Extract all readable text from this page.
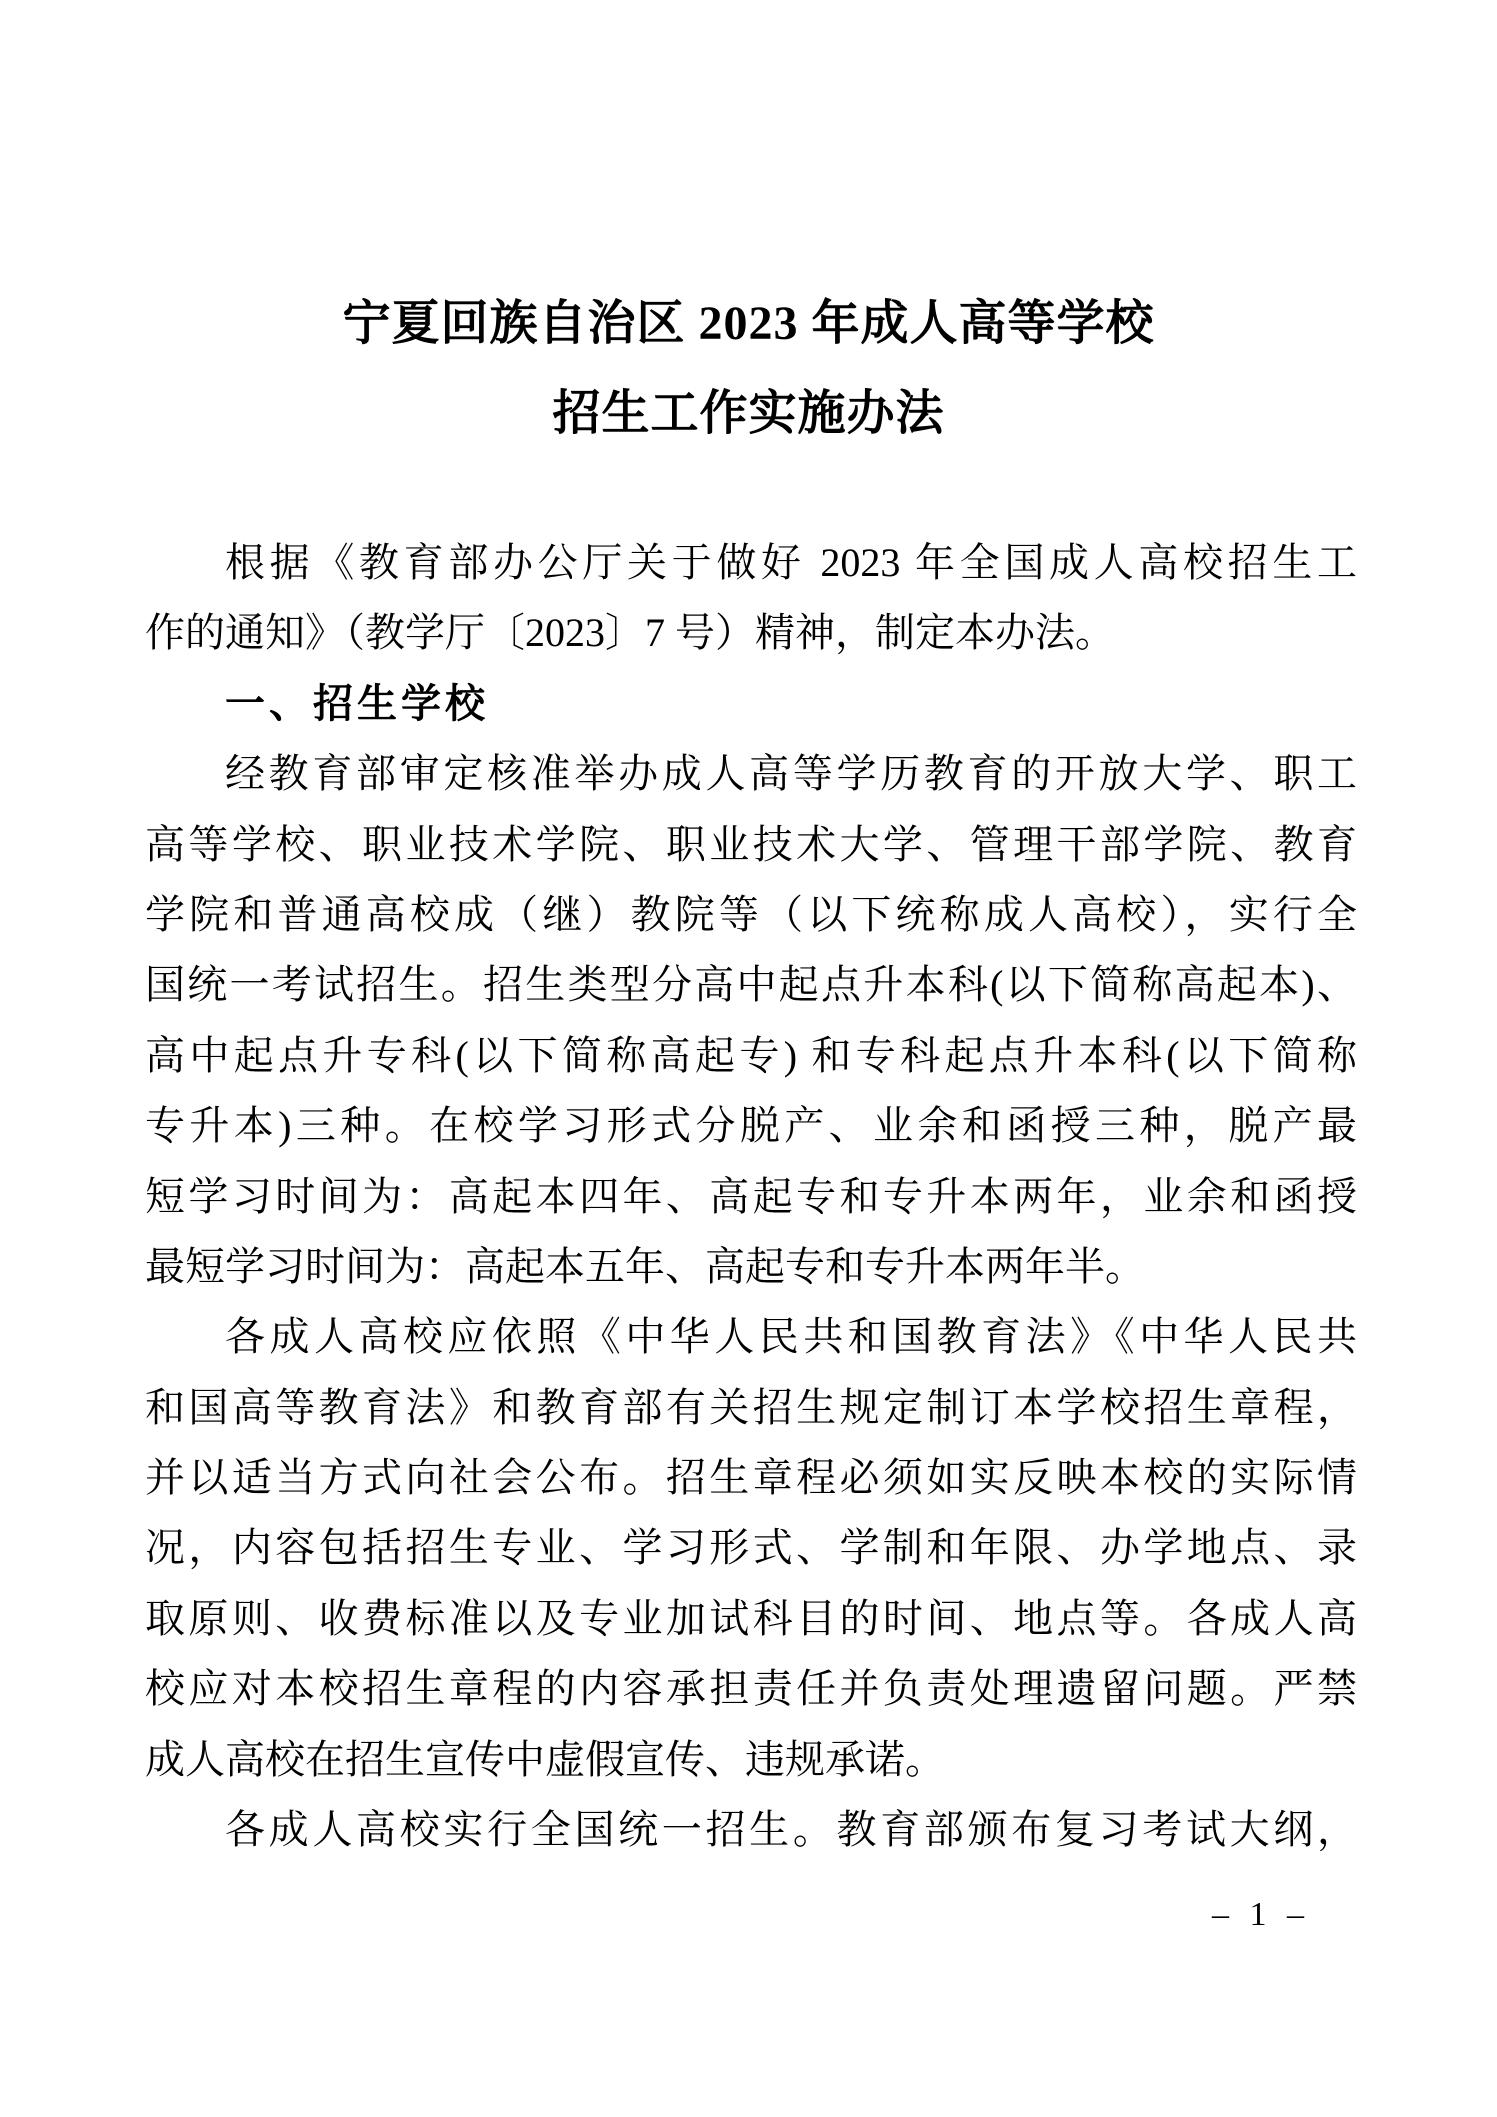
宁夏回族自治区 2023 年成人高等学校
招生工作实施办法
根据《教育部办公厅关于做好 2023 年全国成人高校招生工
作的通知》（教学厅〔2023〕7 号）精神，制定本办法。
一、招生学校
经教育部审定核准举办成人高等学历教育的开放大学、职工
高等学校、职业技术学院、职业技术大学、管理干部学院、教育
学院和普通高校成（继）教院等（以下统称成人高校），实行全
国统一考试招生。招生类型分高中起点升本科(以下简称高起本)、
高中起点升专科(以下简称高起专) 和专科起点升本科(以下简称
专升本)三种。在校学习形式分脱产、业余和函授三种，脱产最
短学习时间为：高起本四年、高起专和专升本两年，业余和函授
最短学习时间为：高起本五年、高起专和专升本两年半。
各成人高校应依照《中华人民共和国教育法》《中华人民共
和国高等教育法》和教育部有关招生规定制订本学校招生章程，
并以适当方式向社会公布。招生章程必须如实反映本校的实际情
况，内容包括招生专业、学习形式、学制和年限、办学地点、录
取原则、收费标准以及专业加试科目的时间、地点等。各成人高
校应对本校招生章程的内容承担责任并负责处理遗留问题。严禁
成人高校在招生宣传中虚假宣传、违规承诺。
各成人高校实行全国统一招生。教育部颁布复习考试大纲，
– 1 –
